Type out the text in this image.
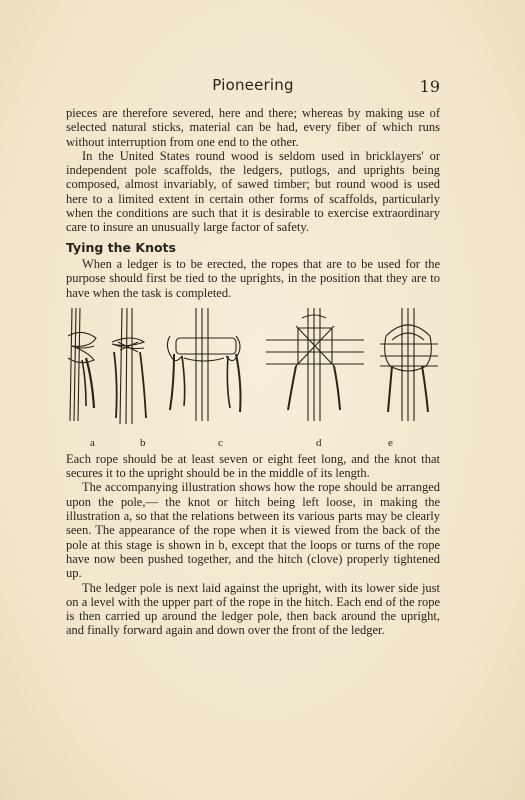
Pioneering	19

pieces are therefore severed, here and there; whereas by making use of selected natural sticks, material can be had, every fiber of which runs without interruption from one end to the other.

In the United States round wood is seldom used in bricklayers' or independent pole scaffolds, the ledgers, putlogs, and uprights being composed, almost invariably, of sawed timber; but round wood is used here to a limited extent in certain other forms of scaffolds, particularly when the conditions are such that it is desirable to exercise extraordinary care to insure an unusually large factor of safety.

Tying the Knots

When a ledger is to be erected, the ropes that are to be used for the purpose should first be tied to the uprights, in the position that they are to have when the task is completed.

a	b	c	d	e

Each rope should be at least seven or eight feet long, and the knot that secures it to the upright should be in the middle of its length.

The accompanying illustration shows how the rope should be arranged upon the pole,— the knot or hitch being left loose, in making the illustration a, so that the relations between its various parts may be clearly seen. The appearance of the rope when it is viewed from the back of the pole at this stage is shown in b, except that the loops or turns of the rope have now been pushed together, and the hitch (clove) properly tightened up.

The ledger pole is next laid against the upright, with its lower side just on a level with the upper part of the rope in the hitch. Each end of the rope is then carried up around the ledger pole, then back around the upright, and finally forward again and down over the front of the ledger.
